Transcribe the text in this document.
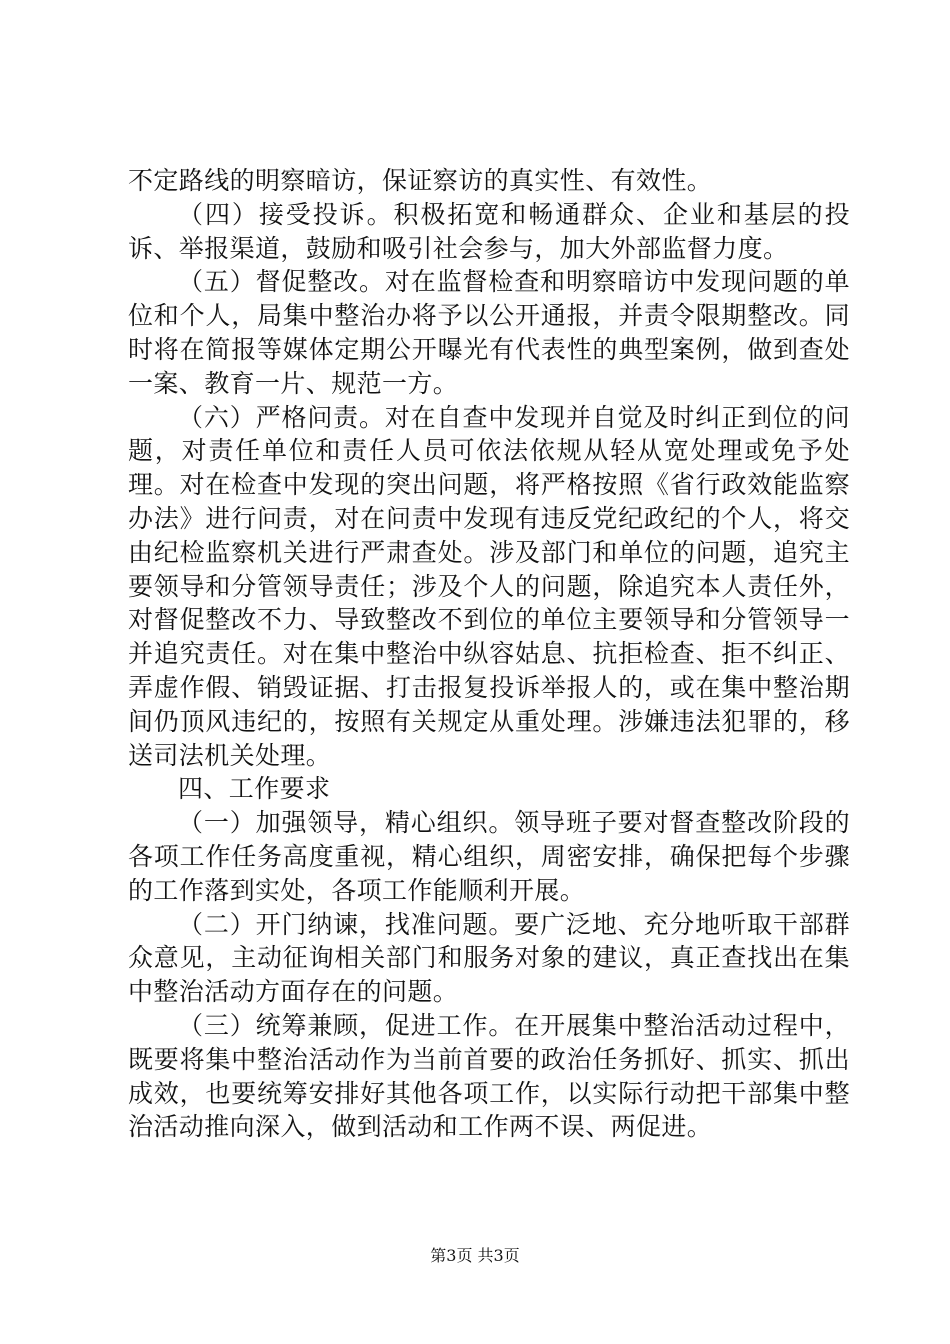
不定路线的明察暗访，保证察访的真实性、有效性。

（四）接受投诉。积极拓宽和畅通群众、企业和基层的投诉、举报渠道，鼓励和吸引社会参与，加大外部监督力度。

（五）督促整改。对在监督检查和明察暗访中发现问题的单位和个人，局集中整治办将予以公开通报，并责令限期整改。同时将在简报等媒体定期公开曝光有代表性的典型案例，做到查处一案、教育一片、规范一方。

（六）严格问责。对在自查中发现并自觉及时纠正到位的问题，对责任单位和责任人员可依法依规从轻从宽处理或免予处理。对在检查中发现的突出问题，将严格按照《省行政效能监察办法》进行问责，对在问责中发现有违反党纪政纪的个人，将交由纪检监察机关进行严肃查处。涉及部门和单位的问题，追究主要领导和分管领导责任；涉及个人的问题，除追究本人责任外，对督促整改不力、导致整改不到位的单位主要领导和分管领导一并追究责任。对在集中整治中纵容姑息、抗拒检查、拒不纠正、弄虚作假、销毁证据、打击报复投诉举报人的，或在集中整治期间仍顶风违纪的，按照有关规定从重处理。涉嫌违法犯罪的，移送司法机关处理。

四、工作要求

（一）加强领导，精心组织。领导班子要对督查整改阶段的各项工作任务高度重视，精心组织，周密安排，确保把每个步骤的工作落到实处，各项工作能顺利开展。

（二）开门纳谏，找准问题。要广泛地、充分地听取干部群众意见，主动征询相关部门和服务对象的建议，真正查找出在集中整治活动方面存在的问题。

（三）统筹兼顾，促进工作。在开展集中整治活动过程中，既要将集中整治活动作为当前首要的政治任务抓好、抓实、抓出成效，也要统筹安排好其他各项工作，以实际行动把干部集中整治活动推向深入，做到活动和工作两不误、两促进。

第3页 共3页
